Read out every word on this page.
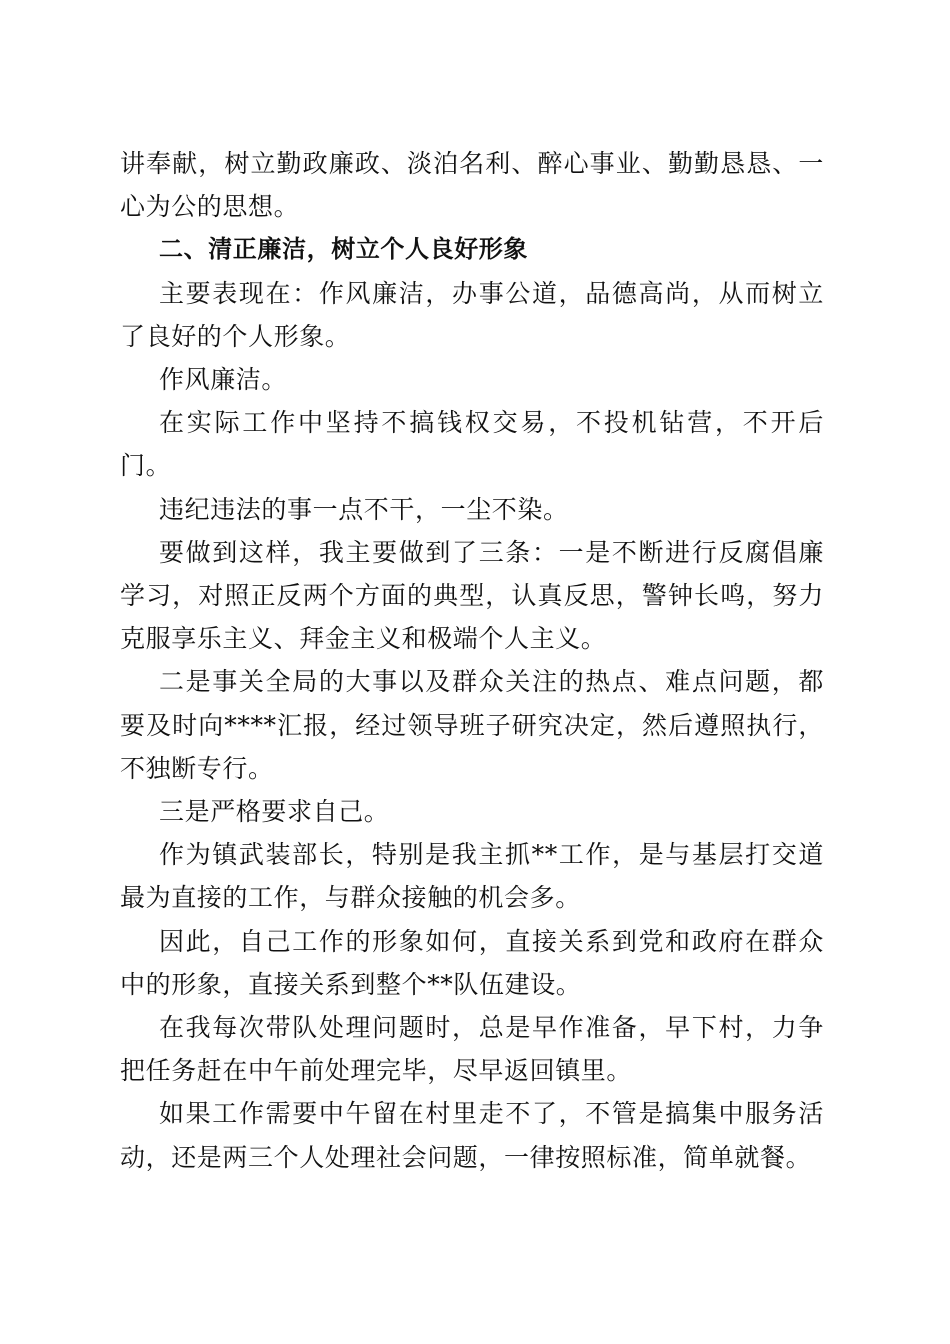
讲奉献，树立勤政廉政、淡泊名利、醉心事业、勤勤恳恳、一心为公的思想。

二、清正廉洁，树立个人良好形象

主要表现在：作风廉洁，办事公道，品德高尚，从而树立了良好的个人形象。

作风廉洁。

在实际工作中坚持不搞钱权交易，不投机钻营，不开后门。

违纪违法的事一点不干，一尘不染。

要做到这样，我主要做到了三条：一是不断进行反腐倡廉学习，对照正反两个方面的典型，认真反思，警钟长鸣，努力克服享乐主义、拜金主义和极端个人主义。

二是事关全局的大事以及群众关注的热点、难点问题，都要及时向****汇报，经过领导班子研究决定，然后遵照执行，不独断专行。

三是严格要求自己。

作为镇武装部长，特别是我主抓**工作，是与基层打交道最为直接的工作，与群众接触的机会多。

因此，自己工作的形象如何，直接关系到党和政府在群众中的形象，直接关系到整个**队伍建设。

在我每次带队处理问题时，总是早作准备，早下村，力争把任务赶在中午前处理完毕，尽早返回镇里。

如果工作需要中午留在村里走不了，不管是搞集中服务活动，还是两三个人处理社会问题，一律按照标准，简单就餐。
